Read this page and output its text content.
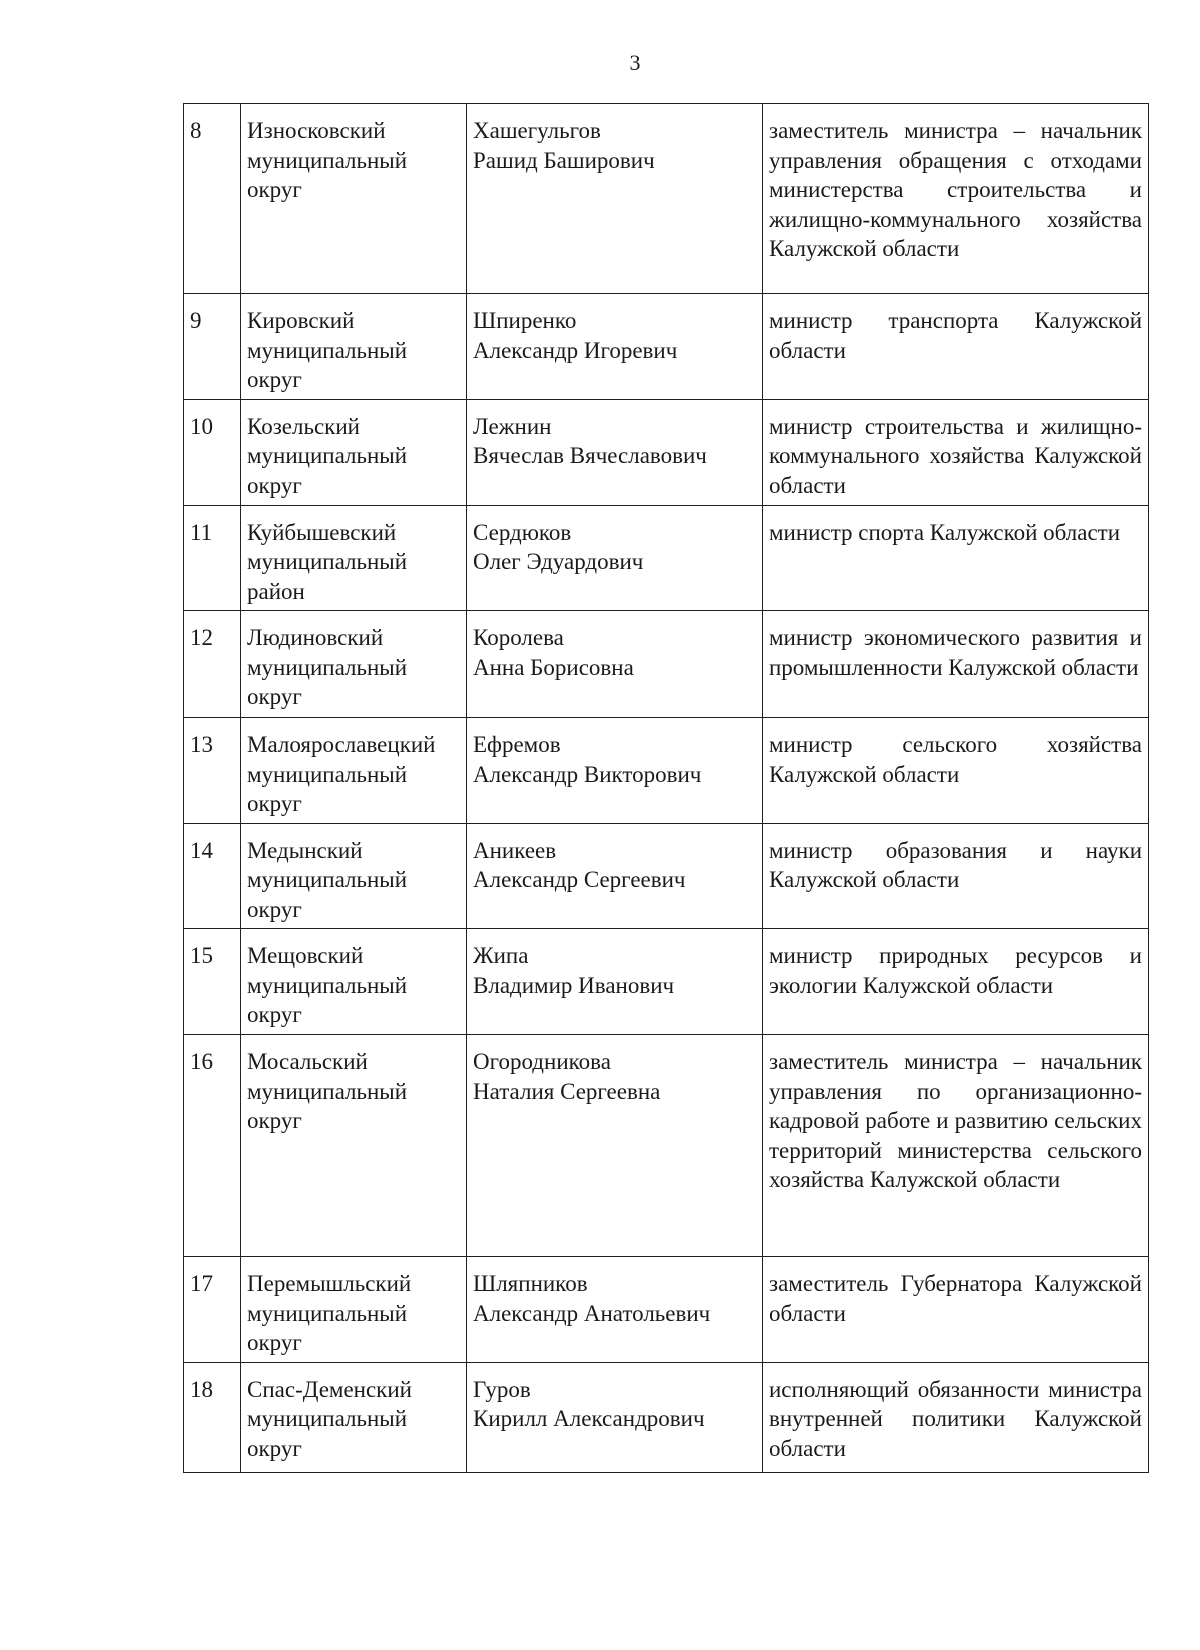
3
8	Износковский
муниципальный
округ	Хашегульгов
Рашид Баширович	заместитель министра – начальник управления обращения с отходами министерства строительства и жилищно-коммунального хозяйства Калужской области
9	Кировский
муниципальный
округ	Шпиренко
Александр Игоревич	министр транспорта Калужской области
10	Козельский
муниципальный
округ	Лежнин
Вячеслав Вячеславович	министр строительства и жилищно-коммунального хозяйства Калужской области
11	Куйбышевский
муниципальный
район	Сердюков
Олег Эдуардович	министр спорта Калужской области
12	Людиновский
муниципальный
округ	Королева
Анна Борисовна	министр экономического развития и промышленности Калужской области
13	Малоярославецкий
муниципальный
округ	Ефремов
Александр Викторович	министр сельского хозяйства Калужской области
14	Медынский
муниципальный
округ	Аникеев
Александр Сергеевич	министр образования и науки Калужской области
15	Мещовский
муниципальный
округ	Жипа
Владимир Иванович	министр природных ресурсов и экологии Калужской области
16	Мосальский
муниципальный
округ	Огородникова
Наталия Сергеевна	заместитель министра – начальник управления по организационно-кадровой работе и развитию сельских территорий министерства сельского хозяйства Калужской области
17	Перемышльский
муниципальный
округ	Шляпников
Александр Анатольевич	заместитель Губернатора Калужской области
18	Спас-Деменский
муниципальный
округ	Гуров
Кирилл Александрович	исполняющий обязанности министра внутренней политики Калужской области
